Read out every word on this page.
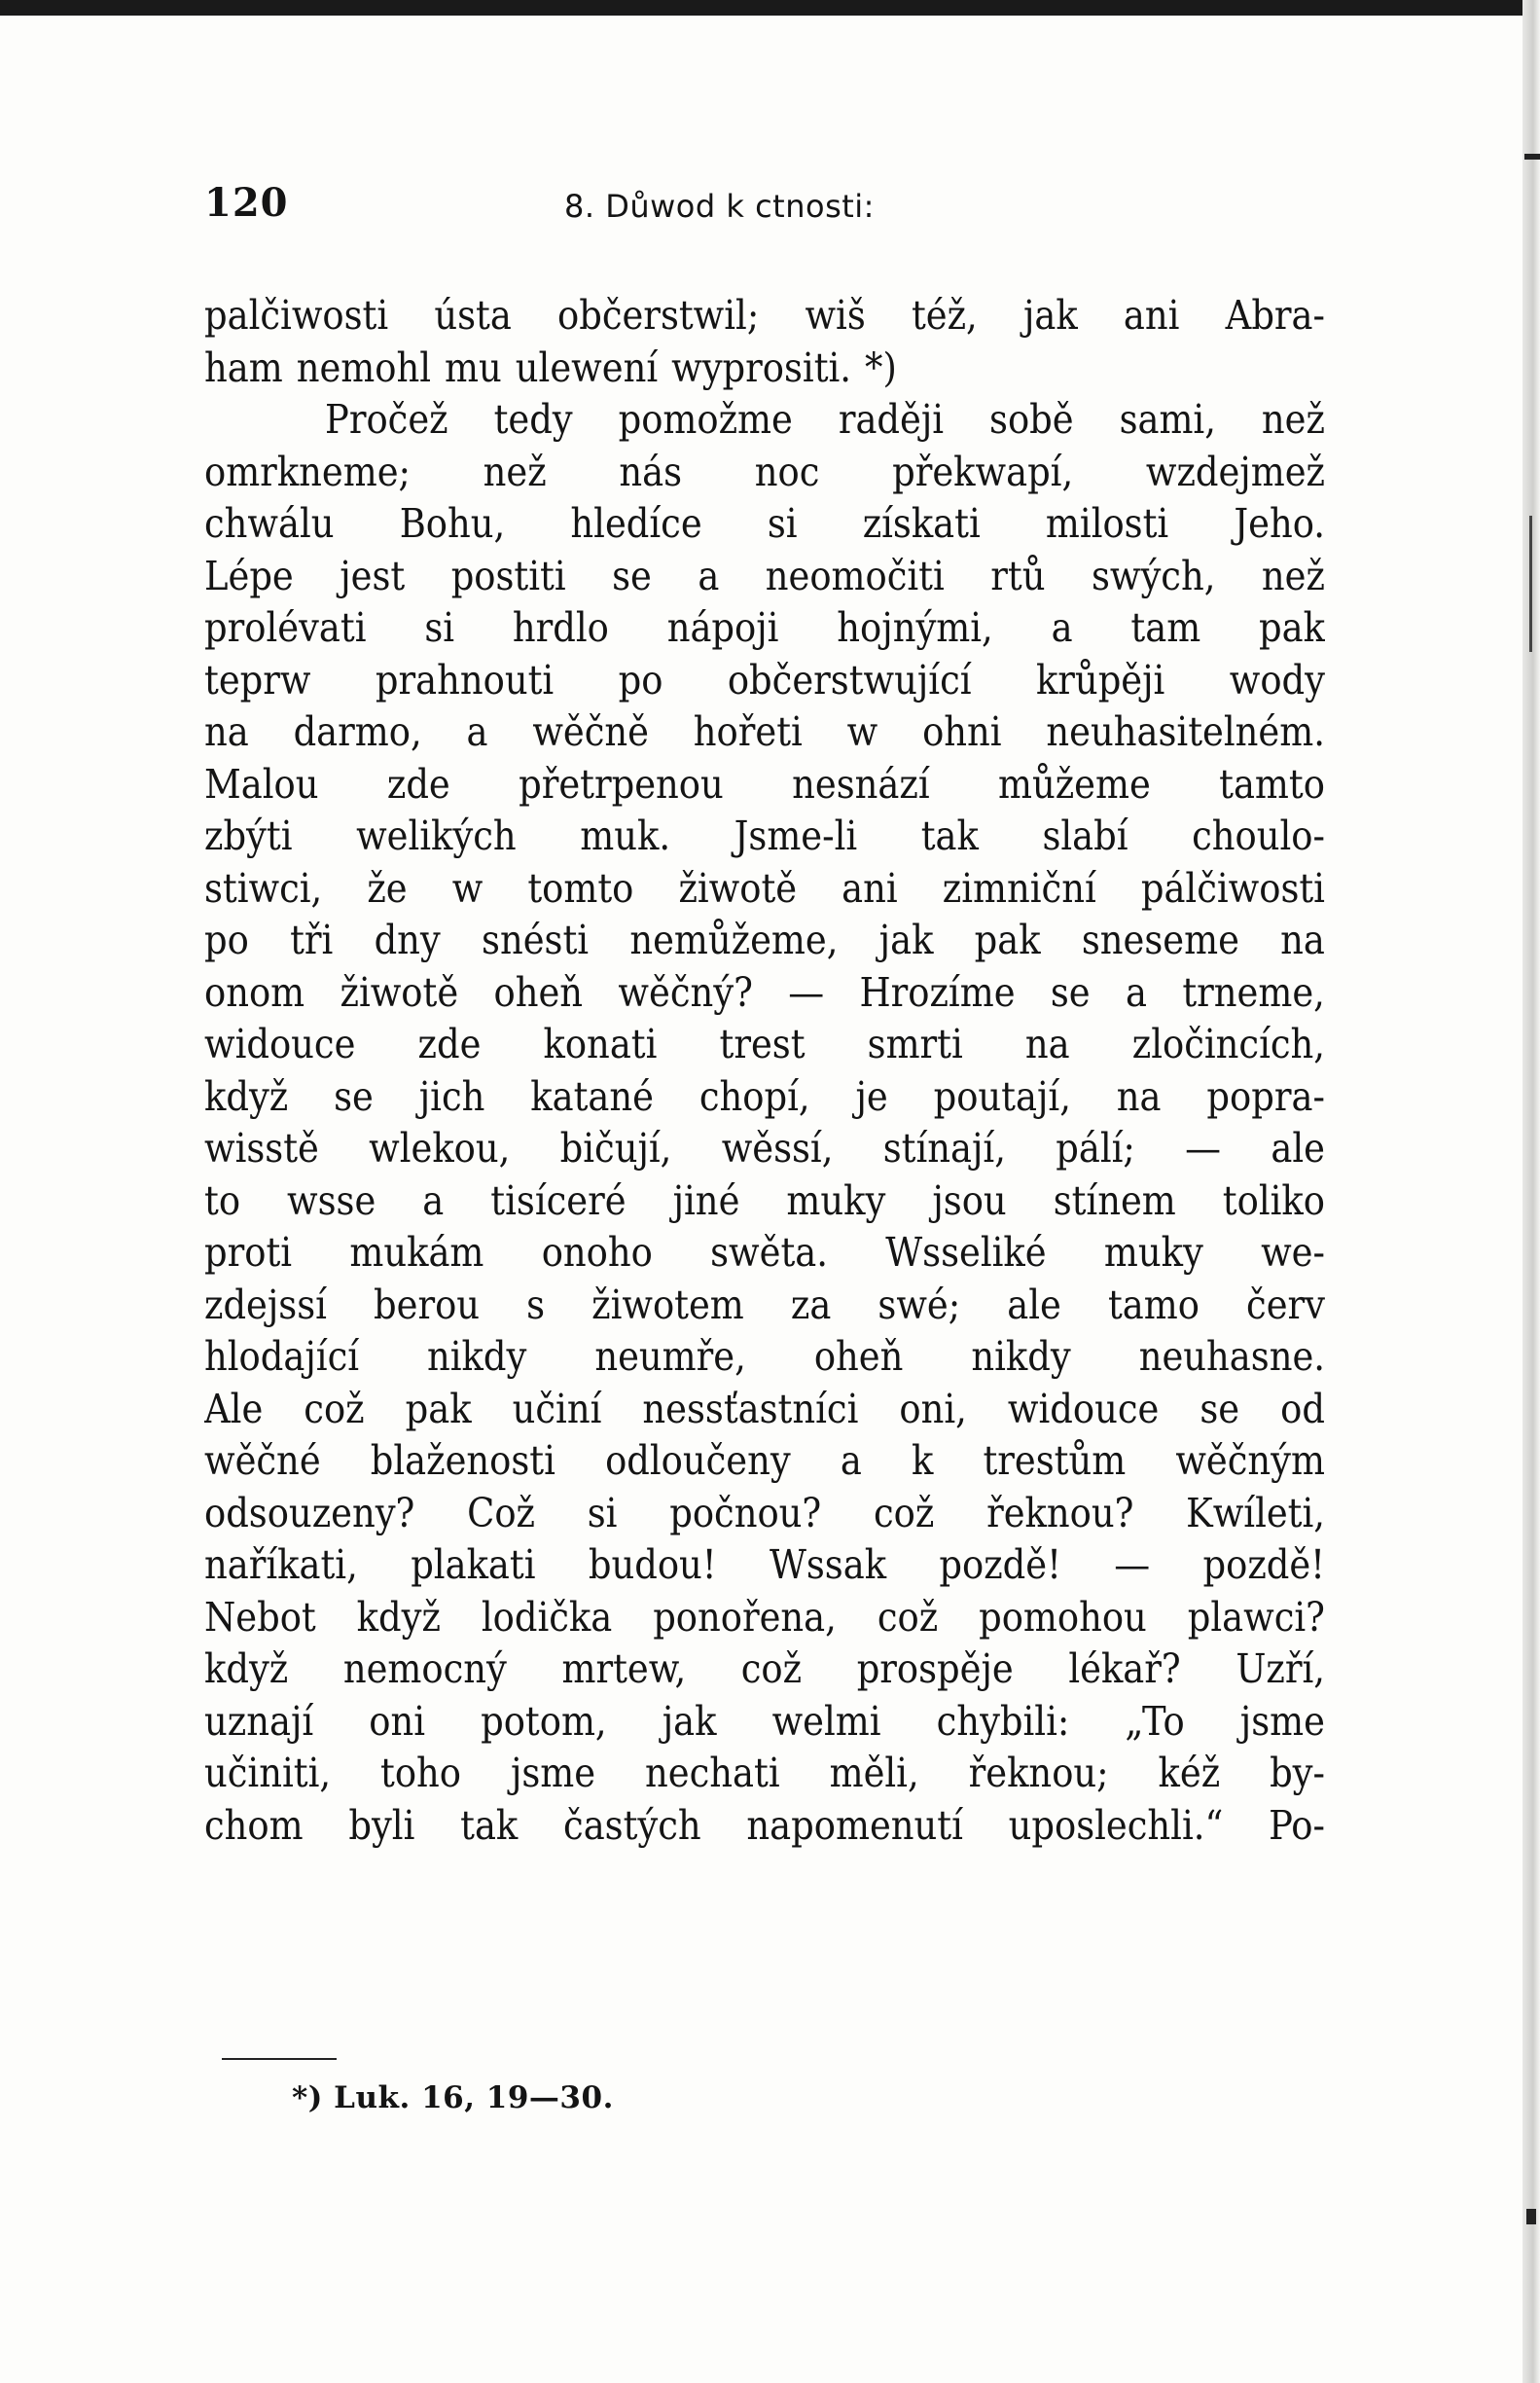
120	8. Důwod k ctnosti:
palčiwosti ústa občerstwil; wiš též, jak ani Abra-
ham nemohl mu ulewení wyprositi. *)
Pročež tedy pomožme raději sobě sami, než
omrkneme; než nás noc překwapí, wzdejmež
chwálu Bohu, hledíce si získati milosti Jeho.
Lépe jest postiti se a neomočiti rtů swých, než
prolévati si hrdlo nápoji hojnými, a tam pak
teprw prahnouti po občerstwující krůpěji wody
na darmo, a wěčně hořeti w ohni neuhasitelném.
Malou zde přetrpenou nesnází můžeme tamto
zbýti welikých muk. Jsme-li tak slabí choulo-
stiwci, že w tomto žiwotě ani zimniční pálčiwosti
po tři dny snésti nemůžeme, jak pak sneseme na
onom žiwotě oheň wěčný? — Hrozíme se a trneme,
widouce zde konati trest smrti na zločincích,
když se jich katané chopí, je poutají, na popra-
wisstě wlekou, bičují, wěssí, stínají, pálí; — ale
to wsse a tisíceré jiné muky jsou stínem toliko
proti mukám onoho swěta. Wsseliké muky we-
zdejssí berou s žiwotem za swé; ale tamo červ
hlodající nikdy neumře, oheň nikdy neuhasne.
Ale což pak učiní nessťastníci oni, widouce se od
wěčné blaženosti odloučeny a k trestům wěčným
odsouzeny? Což si počnou? což řeknou? Kwíleti,
naříkati, plakati budou! Wssak pozdě! — pozdě!
Nebot když lodička ponořena, což pomohou plawci?
když nemocný mrtew, což prospěje lékař? Uzří,
uznají oni potom, jak welmi chybili: „To jsme
učiniti, toho jsme nechati měli, řeknou; kéž by-
chom byli tak častých napomenutí uposlechli.“ Po-
*) Luk. 16, 19—30.
